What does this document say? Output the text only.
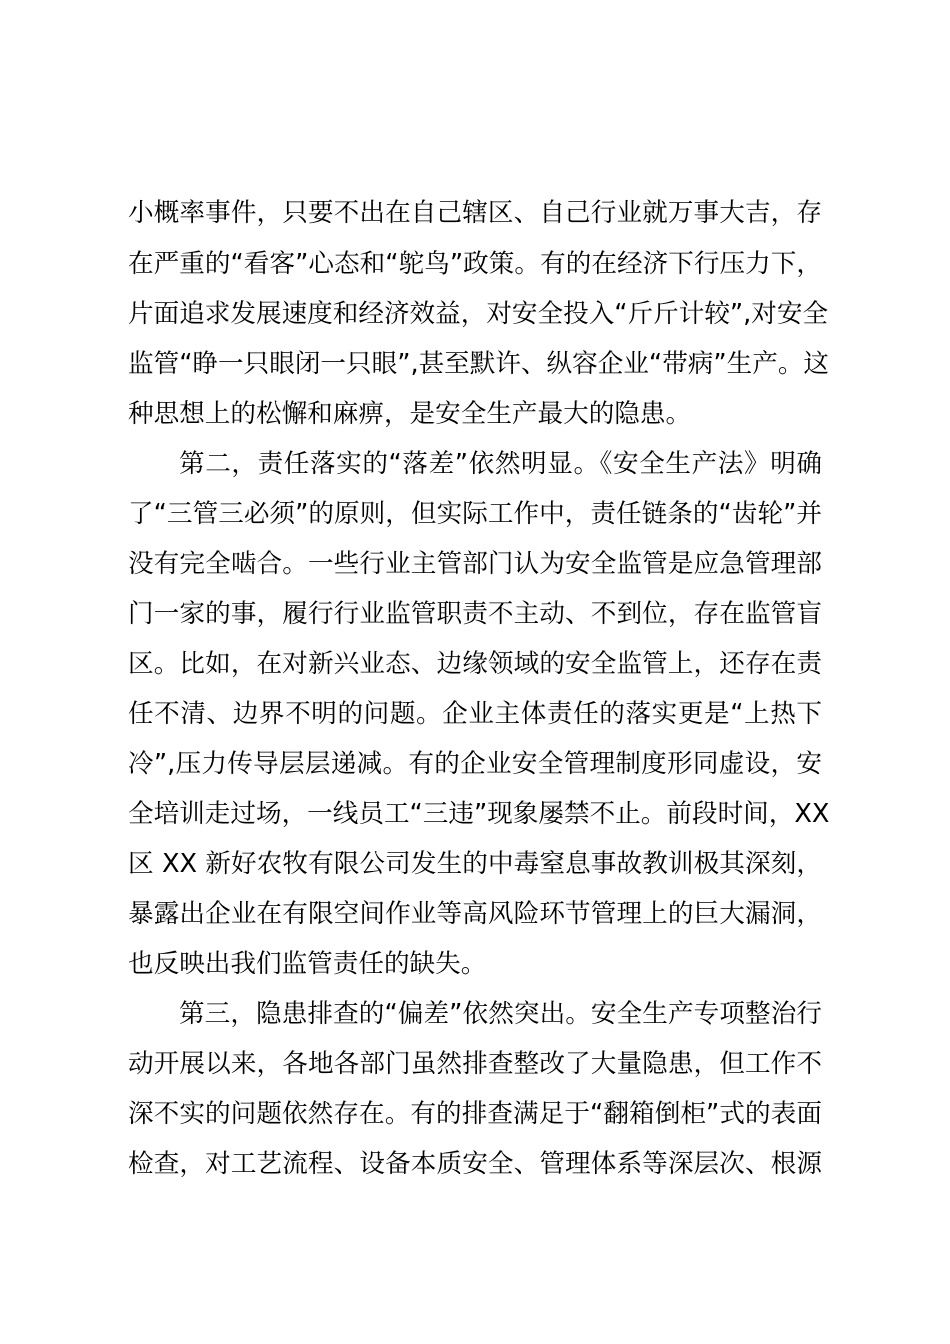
小概率事件，只要不出在自己辖区、自己行业就万事大吉，存
在严重的“看客”心态和“鸵鸟”政策。有的在经济下行压力下，
片面追求发展速度和经济效益，对安全投入“斤斤计较”,对安全
监管“睁一只眼闭一只眼”,甚至默许、纵容企业“带病”生产。这
种思想上的松懈和麻痹，是安全生产最大的隐患。
第二，责任落实的“落差”依然明显。《安全生产法》明确
了“三管三必须”的原则，但实际工作中，责任链条的“齿轮”并
没有完全啮合。一些行业主管部门认为安全监管是应急管理部
门一家的事，履行行业监管职责不主动、不到位，存在监管盲
区。比如，在对新兴业态、边缘领域的安全监管上，还存在责
任不清、边界不明的问题。企业主体责任的落实更是“上热下
冷”,压力传导层层递减。有的企业安全管理制度形同虚设，安
全培训走过场，一线员工“三违”现象屡禁不止。前段时间，XX
区 XX 新好农牧有限公司发生的中毒窒息事故教训极其深刻，
暴露出企业在有限空间作业等高风险环节管理上的巨大漏洞，
也反映出我们监管责任的缺失。
第三，隐患排查的“偏差”依然突出。安全生产专项整治行
动开展以来，各地各部门虽然排查整改了大量隐患，但工作不
深不实的问题依然存在。有的排查满足于“翻箱倒柜”式的表面
检查，对工艺流程、设备本质安全、管理体系等深层次、根源
